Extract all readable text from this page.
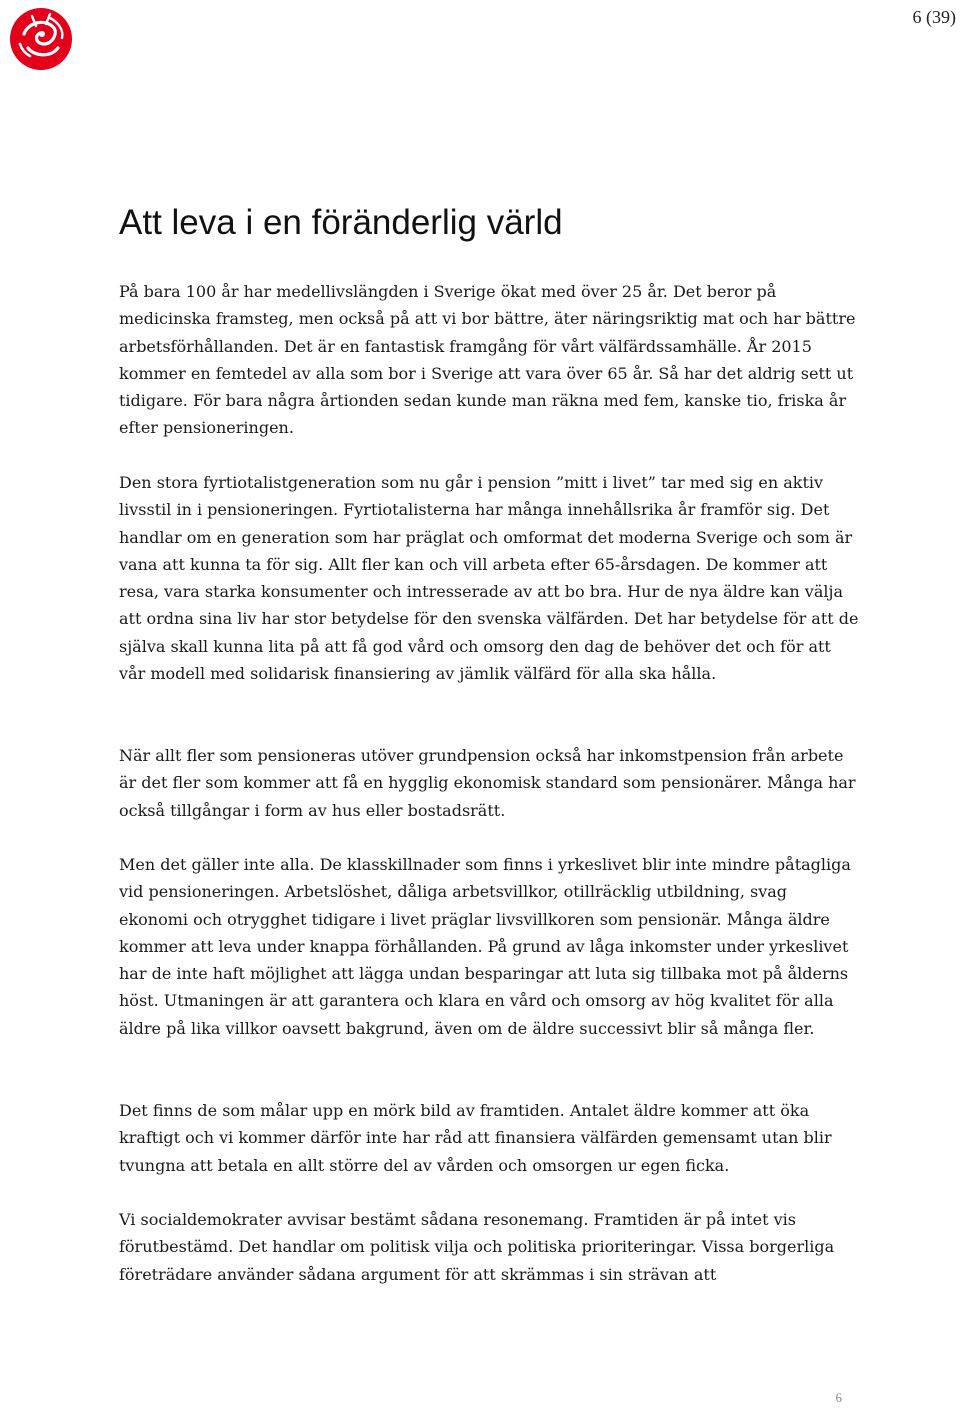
6 (39)
Att leva i en föränderlig värld

På bara 100 år har medellivslängden i Sverige ökat med över 25 år. Det beror på medicinska framsteg, men också på att vi bor bättre, äter näringsriktig mat och har bättre arbetsförhållanden. Det är en fantastisk framgång för vårt välfärdssamhälle. År 2015 kommer en femtedel av alla som bor i Sverige att vara över 65 år. Så har det aldrig sett ut tidigare. För bara några årtionden sedan kunde man räkna med fem, kanske tio, friska år efter pensioneringen.

Den stora fyrtiotalistgeneration som nu går i pension ”mitt i livet” tar med sig en aktiv livsstil in i pensioneringen. Fyrtiotalisterna har många innehållsrika år framför sig. Det handlar om en generation som har präglat och omformat det moderna Sverige och som är vana att kunna ta för sig. Allt fler kan och vill arbeta efter 65-årsdagen. De kommer att resa, vara starka konsumenter och intresserade av att bo bra. Hur de nya äldre kan välja att ordna sina liv har stor betydelse för den svenska välfärden. Det har betydelse för att de själva skall kunna lita på att få god vård och omsorg den dag de behöver det och för att vår modell med solidarisk finansiering av jämlik välfärd för alla ska hålla.

När allt fler som pensioneras utöver grundpension också har inkomstpension från arbete är det fler som kommer att få en hygglig ekonomisk standard som pensionärer. Många har också tillgångar i form av hus eller bostadsrätt.

Men det gäller inte alla. De klasskillnader som finns i yrkeslivet blir inte mindre påtagliga vid pensioneringen. Arbetslöshet, dåliga arbetsvillkor, otillräcklig utbildning, svag ekonomi och otrygghet tidigare i livet präglar livsvillkoren som pensionär. Många äldre kommer att leva under knappa förhållanden. På grund av låga inkomster under yrkeslivet har de inte haft möjlighet att lägga undan besparingar att luta sig tillbaka mot på ålderns höst. Utmaningen är att garantera och klara en vård och omsorg av hög kvalitet för alla äldre på lika villkor oavsett bakgrund, även om de äldre successivt blir så många fler.

Det finns de som målar upp en mörk bild av framtiden. Antalet äldre kommer att öka kraftigt och vi kommer därför inte har råd att finansiera välfärden gemensamt utan blir tvungna att betala en allt större del av vården och omsorgen ur egen ficka.

Vi socialdemokrater avvisar bestämt sådana resonemang. Framtiden är på intet vis förutbestämd. Det handlar om politisk vilja och politiska prioriteringar. Vissa borgerliga företrädare använder sådana argument för att skrämmas i sin strävan att

6
